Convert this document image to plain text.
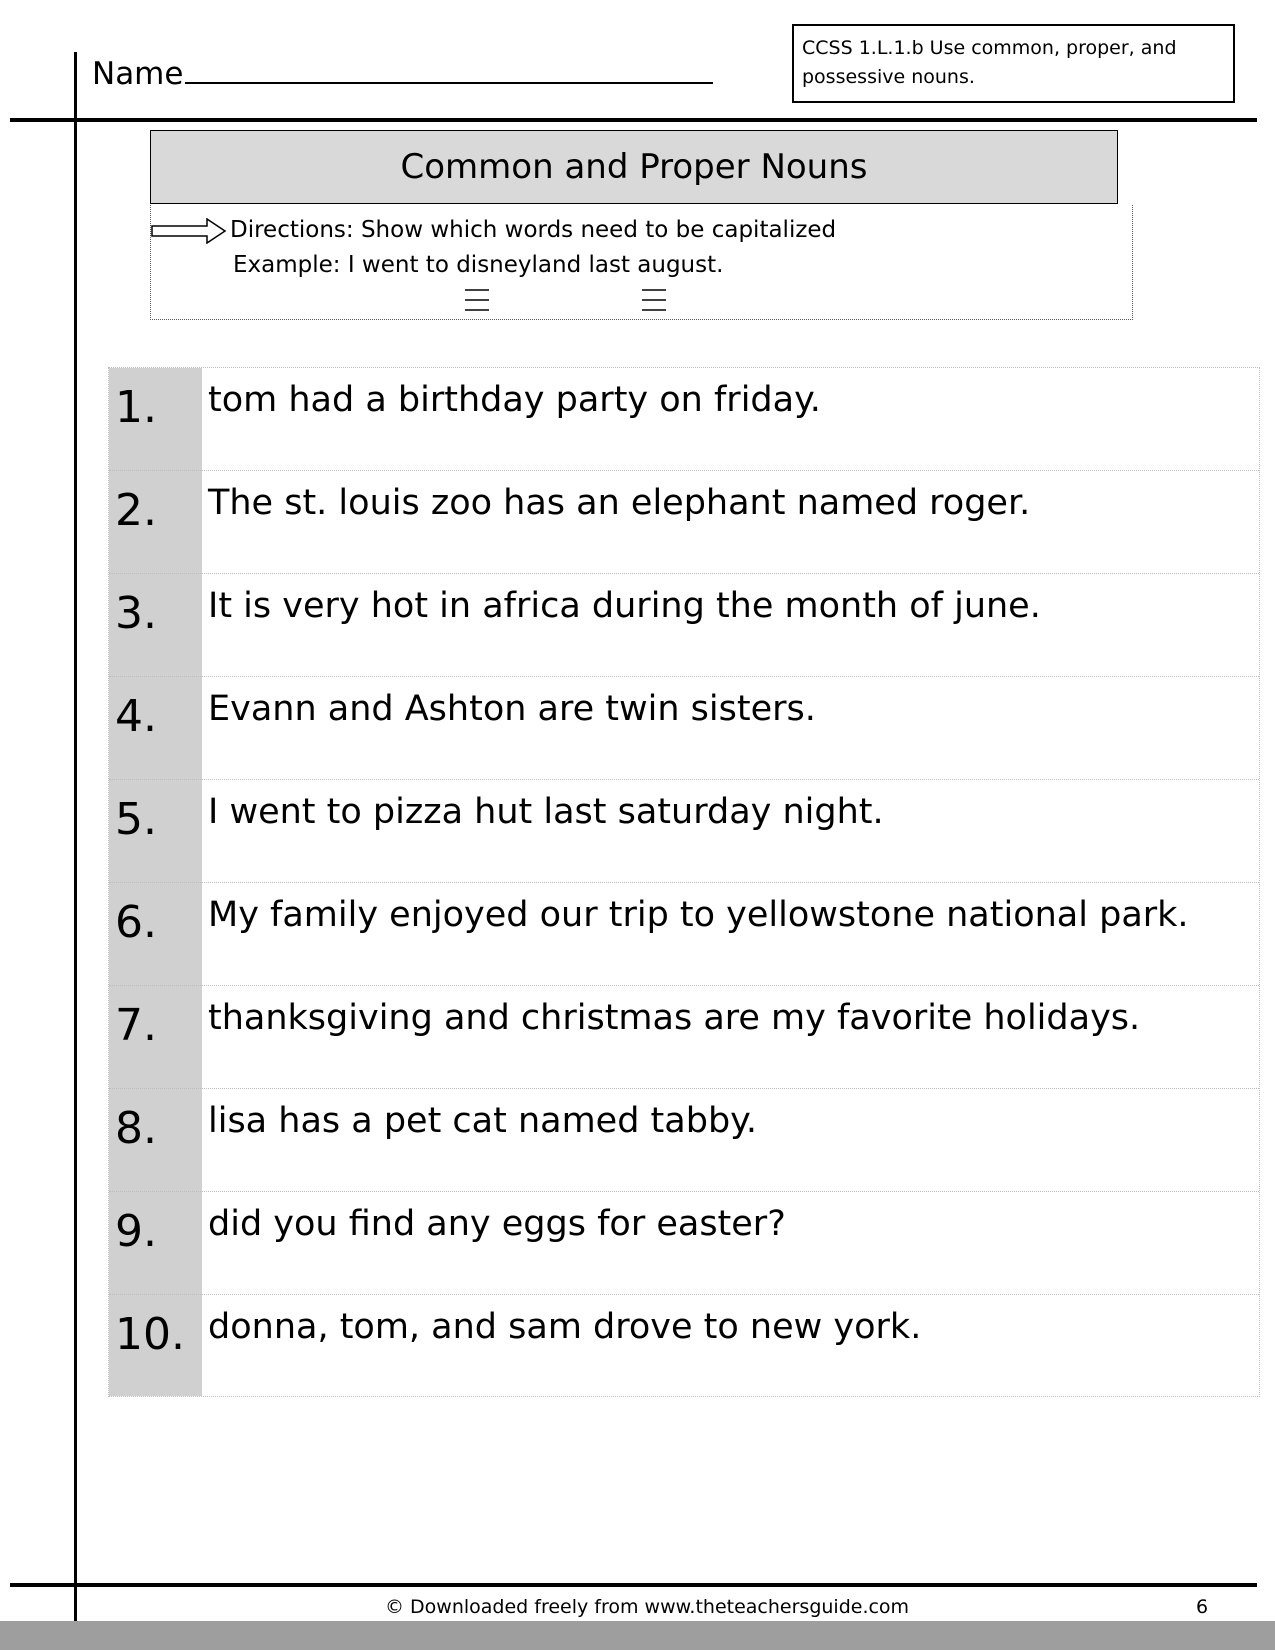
Name
CCSS 1.L.1.b Use common, proper, and possessive nouns.
Common and Proper Nouns
Directions: Show which words need to be capitalized
Example: I went to disneyland last august.
1. tom had a birthday party on friday.
2. The st. louis zoo has an elephant named roger.
3. It is very hot in africa during the month of june.
4. Evann and Ashton are twin sisters.
5. I went to pizza hut last saturday night.
6. My family enjoyed our trip to yellowstone national park.
7. thanksgiving and christmas are my favorite holidays.
8. lisa has a pet cat named tabby.
9. did you find any eggs for easter?
10. donna, tom, and sam drove to new york.
© Downloaded freely from www.theteachersguide.com	6
